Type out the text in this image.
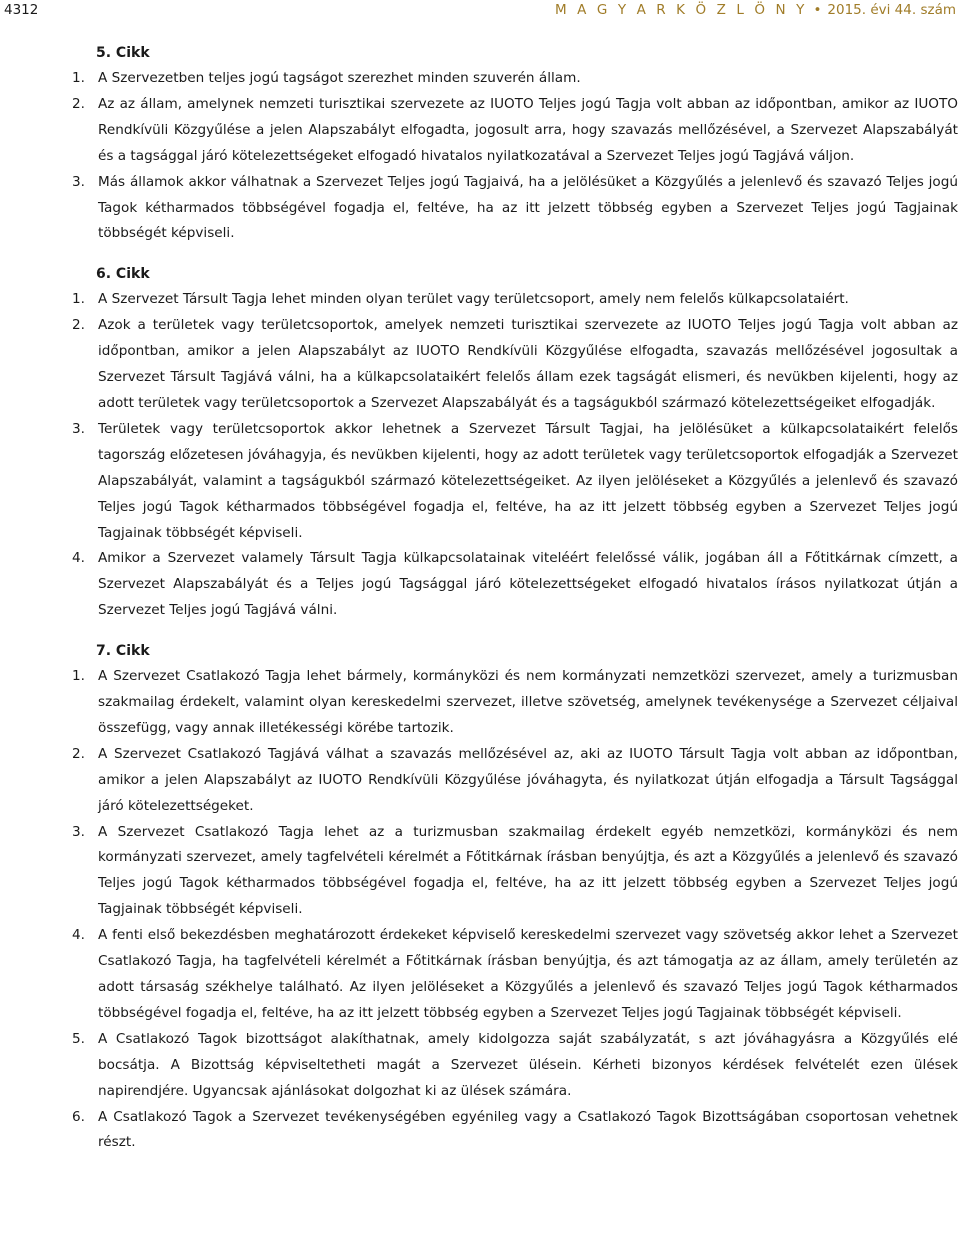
4312	M A G Y A R K Ö Z L Ö N Y • 2015. évi 44. szám
5. Cikk
1. A Szervezetben teljes jogú tagságot szerezhet minden szuverén állam.
2. Az az állam, amelynek nemzeti turisztikai szervezete az IUOTO Teljes jogú Tagja volt abban az időpontban, amikor az IUOTO Rendkívüli Közgyűlése a jelen Alapszabályt elfogadta, jogosult arra, hogy szavazás mellőzésével, a Szervezet Alapszabályát és a tagsággal járó kötelezettségeket elfogadó hivatalos nyilatkozatával a Szervezet Teljes jogú Tagjává váljon.
3. Más államok akkor válhatnak a Szervezet Teljes jogú Tagjaivá, ha a jelölésüket a Közgyűlés a jelenlevő és szavazó Teljes jogú Tagok kétharmados többségével fogadja el, feltéve, ha az itt jelzett többség egyben a Szervezet Teljes jogú Tagjainak többségét képviseli.
6. Cikk
1. A Szervezet Társult Tagja lehet minden olyan terület vagy területcsoport, amely nem felelős külkapcsolataiért.
2. Azok a területek vagy területcsoportok, amelyek nemzeti turisztikai szervezete az IUOTO Teljes jogú Tagja volt abban az időpontban, amikor a jelen Alapszabályt az IUOTO Rendkívüli Közgyűlése elfogadta, szavazás mellőzésével jogosultak a Szervezet Társult Tagjává válni, ha a külkapcsolataikért felelős állam ezek tagságát elismeri, és nevükben kijelenti, hogy az adott területek vagy területcsoportok a Szervezet Alapszabályát és a tagságukból származó kötelezettségeiket elfogadják.
3. Területek vagy területcsoportok akkor lehetnek a Szervezet Társult Tagjai, ha jelölésüket a külkapcsolataikért felelős tagország előzetesen jóváhagyja, és nevükben kijelenti, hogy az adott területek vagy területcsoportok elfogadják a Szervezet Alapszabályát, valamint a tagságukból származó kötelezettségeiket. Az ilyen jelöléseket a Közgyűlés a jelenlevő és szavazó Teljes jogú Tagok kétharmados többségével fogadja el, feltéve, ha az itt jelzett többség egyben a Szervezet Teljes jogú Tagjainak többségét képviseli.
4. Amikor a Szervezet valamely Társult Tagja külkapcsolatainak viteléért felelőssé válik, jogában áll a Főtitkárnak címzett, a Szervezet Alapszabályát és a Teljes jogú Tagsággal járó kötelezettségeket elfogadó hivatalos írásos nyilatkozat útján a Szervezet Teljes jogú Tagjává válni.
7. Cikk
1. A Szervezet Csatlakozó Tagja lehet bármely, kormányközi és nem kormányzati nemzetközi szervezet, amely a turizmusban szakmailag érdekelt, valamint olyan kereskedelmi szervezet, illetve szövetség, amelynek tevékenysége a Szervezet céljaival összefügg, vagy annak illetékességi körébe tartozik.
2. A Szervezet Csatlakozó Tagjává válhat a szavazás mellőzésével az, aki az IUOTO Társult Tagja volt abban az időpontban, amikor a jelen Alapszabályt az IUOTO Rendkívüli Közgyűlése jóváhagyta, és nyilatkozat útján elfogadja a Társult Tagsággal járó kötelezettségeket.
3. A Szervezet Csatlakozó Tagja lehet az a turizmusban szakmailag érdekelt egyéb nemzetközi, kormányközi és nem kormányzati szervezet, amely tagfelvételi kérelmét a Főtitkárnak írásban benyújtja, és azt a Közgyűlés a jelenlevő és szavazó Teljes jogú Tagok kétharmados többségével fogadja el, feltéve, ha az itt jelzett többség egyben a Szervezet Teljes jogú Tagjainak többségét képviseli.
4. A fenti első bekezdésben meghatározott érdekeket képviselő kereskedelmi szervezet vagy szövetség akkor lehet a Szervezet Csatlakozó Tagja, ha tagfelvételi kérelmét a Főtitkárnak írásban benyújtja, és azt támogatja az az állam, amely területén az adott társaság székhelye található. Az ilyen jelöléseket a Közgyűlés a jelenlevő és szavazó Teljes jogú Tagok kétharmados többségével fogadja el, feltéve, ha az itt jelzett többség egyben a Szervezet Teljes jogú Tagjainak többségét képviseli.
5. A Csatlakozó Tagok bizottságot alakíthatnak, amely kidolgozza saját szabályzatát, s azt jóváhagyásra a Közgyűlés elé bocsátja. A Bizottság képviseltetheti magát a Szervezet ülésein. Kérheti bizonyos kérdések felvételét ezen ülések napirendjére. Ugyancsak ajánlásokat dolgozhat ki az ülések számára.
6. A Csatlakozó Tagok a Szervezet tevékenységében egyénileg vagy a Csatlakozó Tagok Bizottságában csoportosan vehetnek részt.
